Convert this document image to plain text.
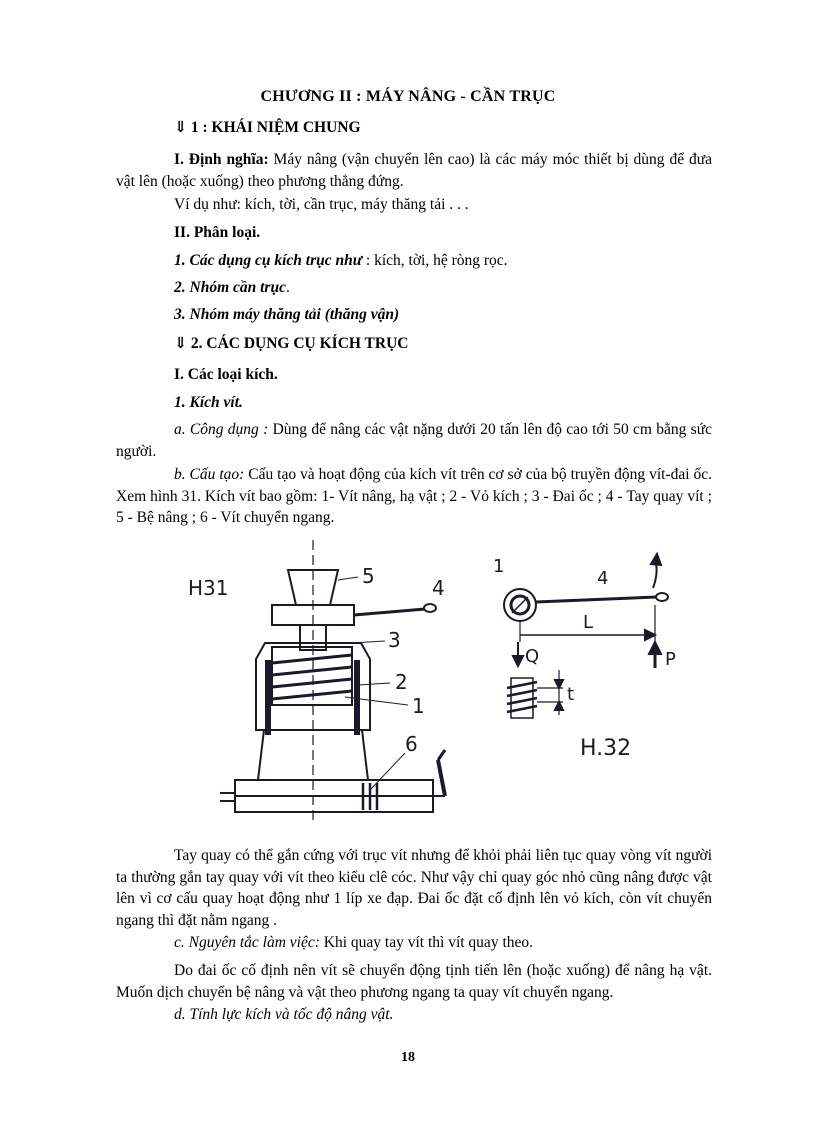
CHƯƠNG II : MÁY NÂNG - CẦN TRỤC
⇓ 1 : KHÁI NIỆM CHUNG
I. Định nghĩa: Máy nâng (vận chuyển lên cao) là các máy móc thiết bị dùng để đưa vật lên (hoặc xuống) theo phương thẳng đứng.
Ví dụ như: kích, tời, cần trục, máy thăng tải . . .
II. Phân loại.
1. Các dụng cụ kích trục như : kích, tời, hệ ròng rọc.
2. Nhóm cần trục.
3. Nhóm máy thăng tải (thăng vận)
⇓ 2. CÁC DỤNG CỤ KÍCH TRỤC
I. Các loại kích.
1. Kích vít.
a. Công dụng : Dùng để nâng các vật nặng dưới 20 tấn lên độ cao tới 50 cm bằng sức người.
b. Cấu tạo: Cấu tạo và hoạt động của kích vít trên cơ sở của bộ truyền động vít-đai ốc. Xem hình 31. Kích vít bao gồm: 1- Vít nâng, hạ vật ; 2 - Vỏ kích ; 3 - Đai ốc ; 4 - Tay quay vít ; 5 - Bệ nâng ; 6 - Vít chuyển ngang.
H31	5	4
3
2
1
6
1
4
L
P
Q
t
H.32
Tay quay có thể gắn cứng với trục vít nhưng để khỏi phải liên tục quay vòng vít người ta thường gắn tay quay với vít theo kiểu clê cóc. Như vậy chỉ quay góc nhỏ cũng nâng được vật lên vì cơ cấu quay hoạt động như 1 líp xe đạp. Đai ốc đặt cố định lên vỏ kích, còn vít chuyển ngang thì đặt nằm ngang .
c. Nguyên tắc làm việc: Khi quay tay vít thì vít quay theo.
Do đai ốc cố định nên vít sẽ chuyển động tịnh tiến lên (hoặc xuống) để nâng hạ vật. Muốn dịch chuyển bệ nâng và vật theo phương ngang ta quay vít chuyển ngang.
d. Tính lực kích và tốc độ nâng vật.
18
